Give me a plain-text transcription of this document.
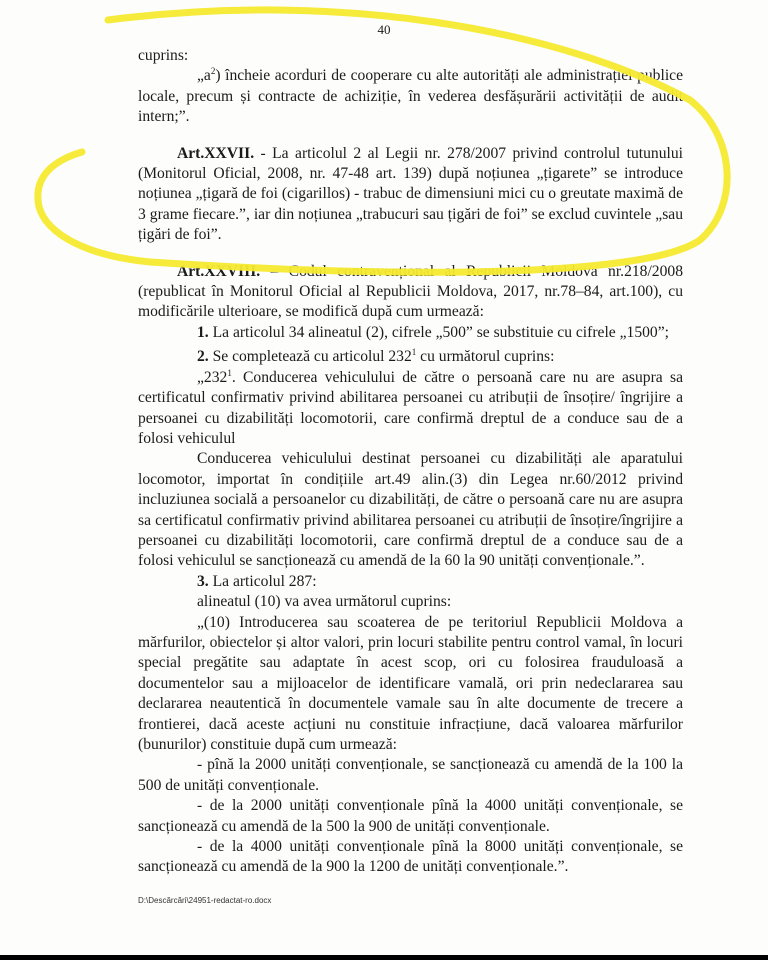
40

cuprins:

$„a^2$) încheie acorduri de cooperare cu alte autorități ale administrației publice locale, precum și contracte de achiziție, în vederea desfășurării activității de audit intern;”.

Art.XXVII. - La articolul 2 al Legii nr. 278/2007 privind controlul tutunului (Monitorul Oficial, 2008, nr. 47-48 art. 139) după noțiunea „țigarete” se introduce noțiunea „țigară de foi (cigarillos) - trabuc de dimensiuni mici cu o greutate maximă de 3 grame fiecare.”, iar din noțiunea „trabucuri sau țigări de foi” se exclud cuvintele „sau țigări de foi”.

Art.XXVIII. – Codul contravențional al Republicii Moldova nr.218/2008 (republicat în Monitorul Oficial al Republicii Moldova, 2017, nr.78–84, art.100), cu modificările ulterioare, se modifică după cum urmează:

1. La articolul 34 alineatul (2), cifrele „500” se substituie cu cifrele „1500”;

2. Se completează cu articolul $232^1$ cu următorul cuprins:

$„232^1$. Conducerea vehiculului de către o persoană care nu are asupra sa certificatul confirmativ privind abilitarea persoanei cu atribuții de însoțire/ îngrijire a persoanei cu dizabilități locomotorii, care confirmă dreptul de a conduce sau de a folosi vehiculul

Conducerea vehiculului destinat persoanei cu dizabilități ale aparatului locomotor, importat în condițiile art.49 alin.(3) din Legea nr.60/2012 privind incluziunea socială a persoanelor cu dizabilități, de către o persoană care nu are asupra sa certificatul confirmativ privind abilitarea persoanei cu atribuții de însoțire/îngrijire a persoanei cu dizabilități locomotorii, care confirmă dreptul de a conduce sau de a folosi vehiculul se sancționează cu amendă de la 60 la 90 unități convenționale.”.

3. La articolul 287:

alineatul (10) va avea următorul cuprins:

„(10) Introducerea sau scoaterea de pe teritoriul Republicii Moldova a mărfurilor, obiectelor și altor valori, prin locuri stabilite pentru control vamal, în locuri special pregătite sau adaptate în acest scop, ori cu folosirea frauduloasă a documentelor sau a mijloacelor de identificare vamală, ori prin nedeclararea sau declararea neautentică în documentele vamale sau în alte documente de trecere a frontierei, dacă aceste acțiuni nu constituie infracțiune, dacă valoarea mărfurilor (bunurilor) constituie după cum urmează:

- pînă la 2000 unități convenționale, se sancționează cu amendă de la 100 la 500 de unități convenționale.

- de la 2000 unități convenționale pînă la 4000 unități convenționale, se sancționează cu amendă de la 500 la 900 de unități convenționale.

- de la 4000 unități convenționale pînă la 8000 unități convenționale, se sancționează cu amendă de la 900 la 1200 de unități convenționale.”.

D:\Descărcări\24951-redactat-ro.docx
